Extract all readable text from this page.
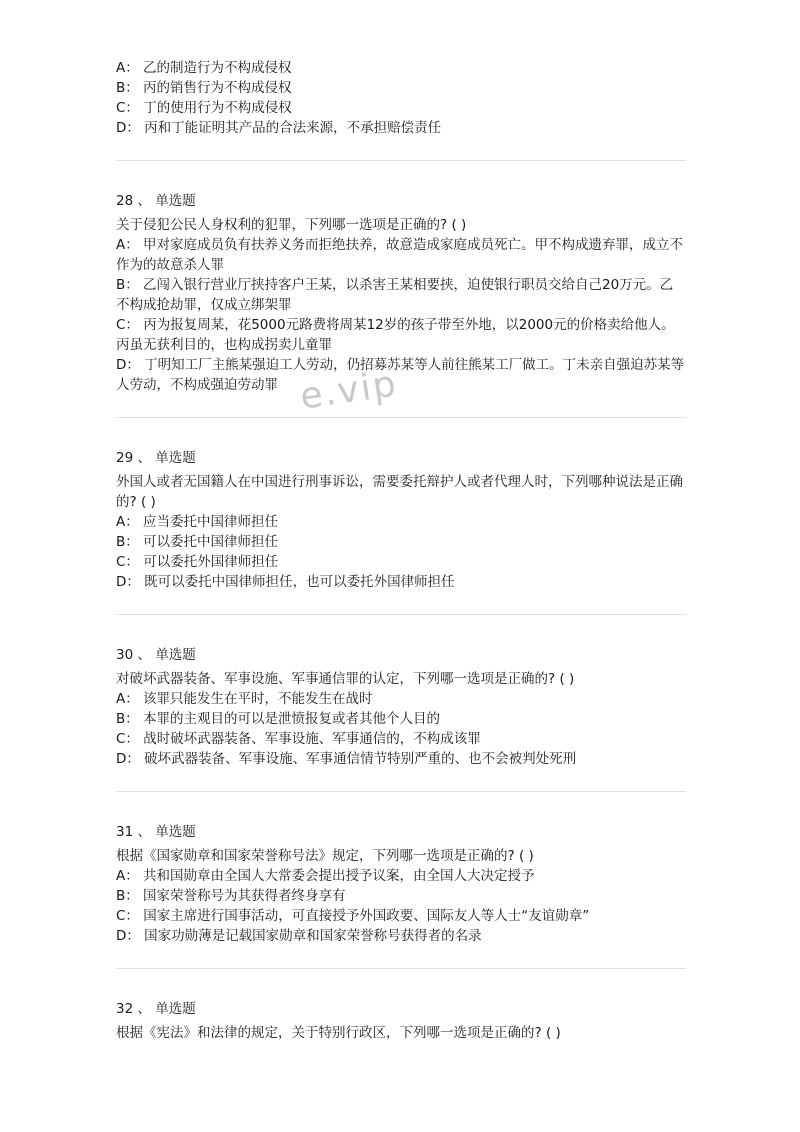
e.vip

A： 乙的制造行为不构成侵权

B： 丙的销售行为不构成侵权

C： 丁的使用行为不构成侵权

D： 丙和丁能证明其产品的合法来源，不承担赔偿责任

28 、 单选题

关于侵犯公民人身权利的犯罪，下列哪一选项是正确的? ( )

A： 甲对家庭成员负有扶养义务而拒绝扶养，故意造成家庭成员死亡。甲不构成遗弃罪，成立不作为的故意杀人罪

B： 乙闯入银行营业厅挟持客户王某，以杀害王某相要挟，迫使银行职员交给自己20万元。乙不构成抢劫罪，仅成立绑架罪

C： 丙为报复周某，花5000元路费将周某12岁的孩子带至外地，以2000元的价格卖给他人。丙虽无获利目的，也构成拐卖儿童罪

D： 丁明知工厂主熊某强迫工人劳动，仍招募苏某等人前往熊某工厂做工。丁未亲自强迫苏某等人劳动，不构成强迫劳动罪

29 、 单选题

外国人或者无国籍人在中国进行刑事诉讼，需要委托辩护人或者代理人时，下列哪种说法是正确的? ( )

A： 应当委托中国律师担任

B： 可以委托中国律师担任

C： 可以委托外国律师担任

D： 既可以委托中国律师担任，也可以委托外国律师担任

30 、 单选题

对破坏武器装备、军事设施、军事通信罪的认定，下列哪一选项是正确的? ( )

A： 该罪只能发生在平时，不能发生在战时

B： 本罪的主观目的可以是泄愤报复或者其他个人目的

C： 战时破坏武器装备、军事设施、军事通信的，不构成该罪

D： 破坏武器装备、军事设施、军事通信情节特别严重的、也不会被判处死刑

31 、 单选题

根据《国家勋章和国家荣誉称号法》规定，下列哪一选项是正确的? ( )

A： 共和国勋章由全国人大常委会提出授予议案，由全国人大决定授予

B： 国家荣誉称号为其获得者终身享有

C： 国家主席进行国事活动，可直接授予外国政要、国际友人等人士“友谊勋章”

D： 国家功勋薄是记载国家勋章和国家荣誉称号获得者的名录

32 、 单选题

根据《宪法》和法律的规定，关于特别行政区，下列哪一选项是正确的? ( )
